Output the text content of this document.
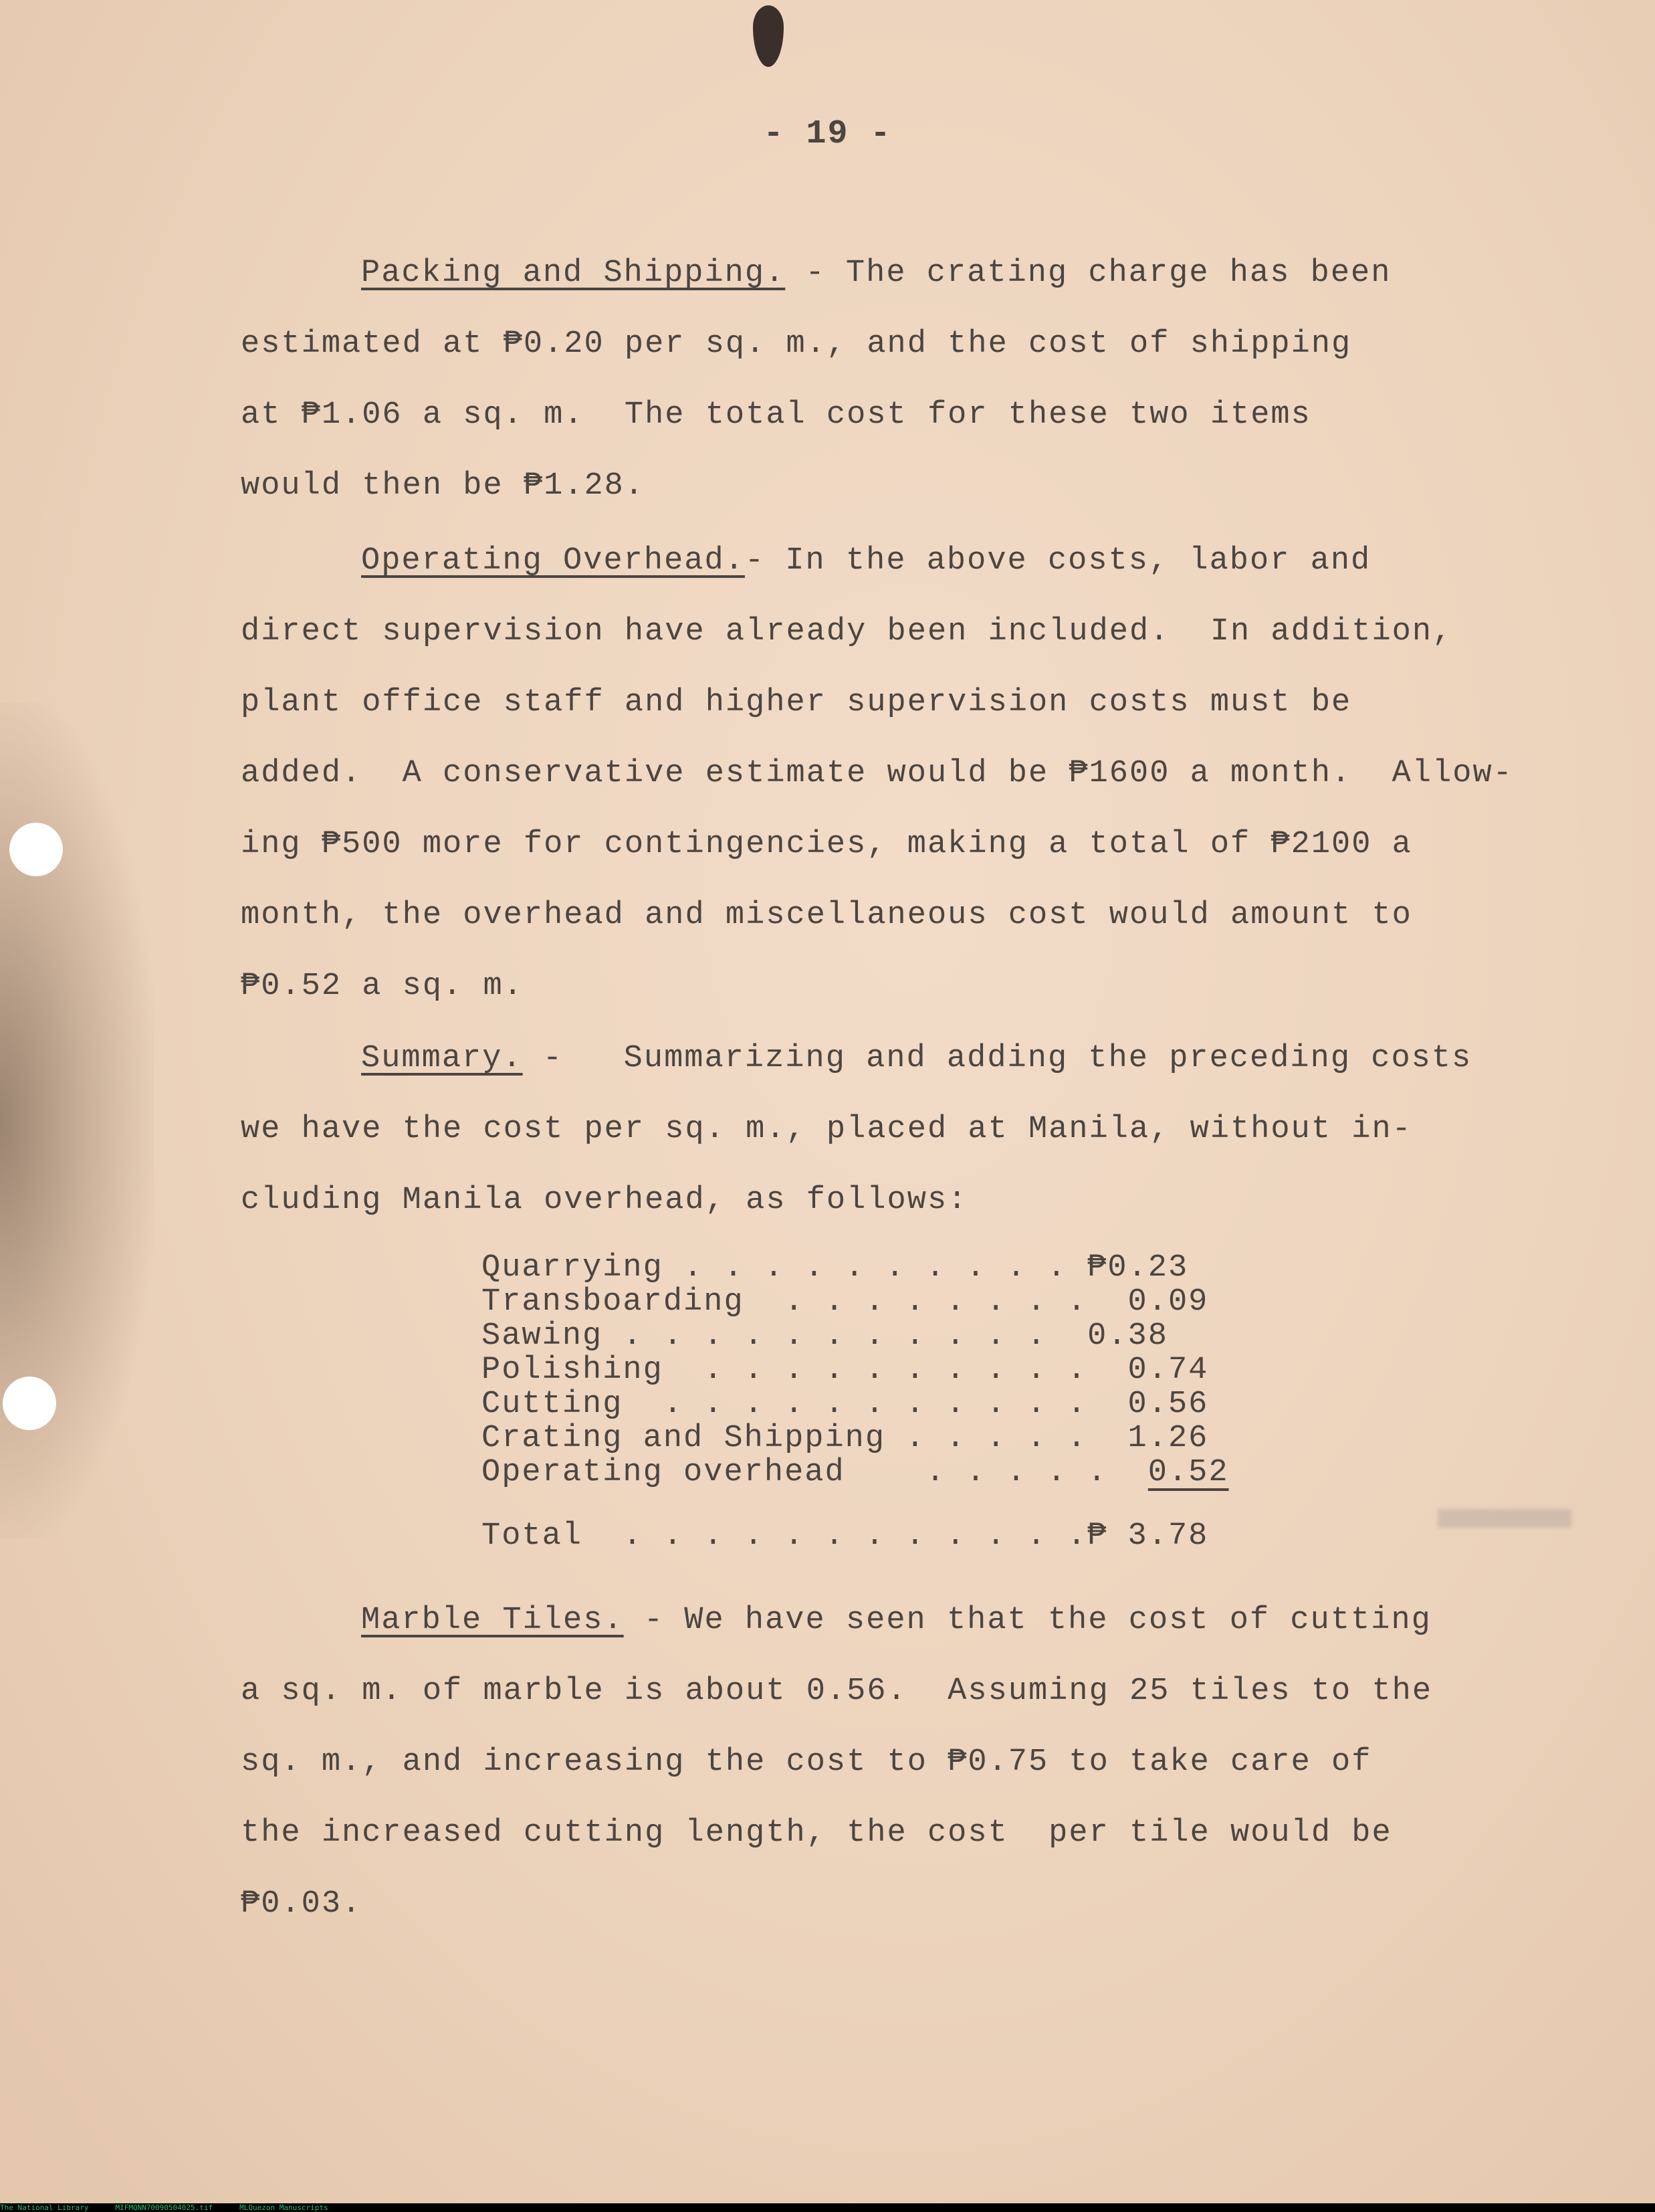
- 19 -

Packing and Shipping. - The crating charge has been

estimated at ₱0.20 per sq. m., and the cost of shipping

at ₱1.06 a sq. m.  The total cost for these two items

would then be ₱1.28.

Operating Overhead.- In the above costs, labor and

direct supervision have already been included.  In addition,

plant office staff and higher supervision costs must be

added.  A conservative estimate would be ₱1600 a month.  Allow-

ing ₱500 more for contingencies, making a total of ₱2100 a

month, the overhead and miscellaneous cost would amount to

₱0.52 a sq. m.

Summary. -   Summarizing and adding the preceding costs

we have the cost per sq. m., placed at Manila, without in-

cluding Manila overhead, as follows:

Quarrying . . . . . . . . . . ₱0.23
Transboarding  . . . . . . . .  0.09
Sawing . . . . . . . . . . .  0.38
Polishing  . . . . . . . . . .  0.74
Cutting  . . . . . . . . . . .  0.56
Crating and Shipping . . . . .  1.26
Operating overhead    . . . . .  0.52
Total  . . . . . . . . . . . .₱ 3.78

Marble Tiles. - We have seen that the cost of cutting

a sq. m. of marble is about 0.56.  Assuming 25 tiles to the

sq. m., and increasing the cost to ₱0.75 to take care of

the increased cutting length, the cost  per tile would be

₱0.03.

The National Library	MIFMQNN70090504025.tif	MLQuezon Manuscripts
